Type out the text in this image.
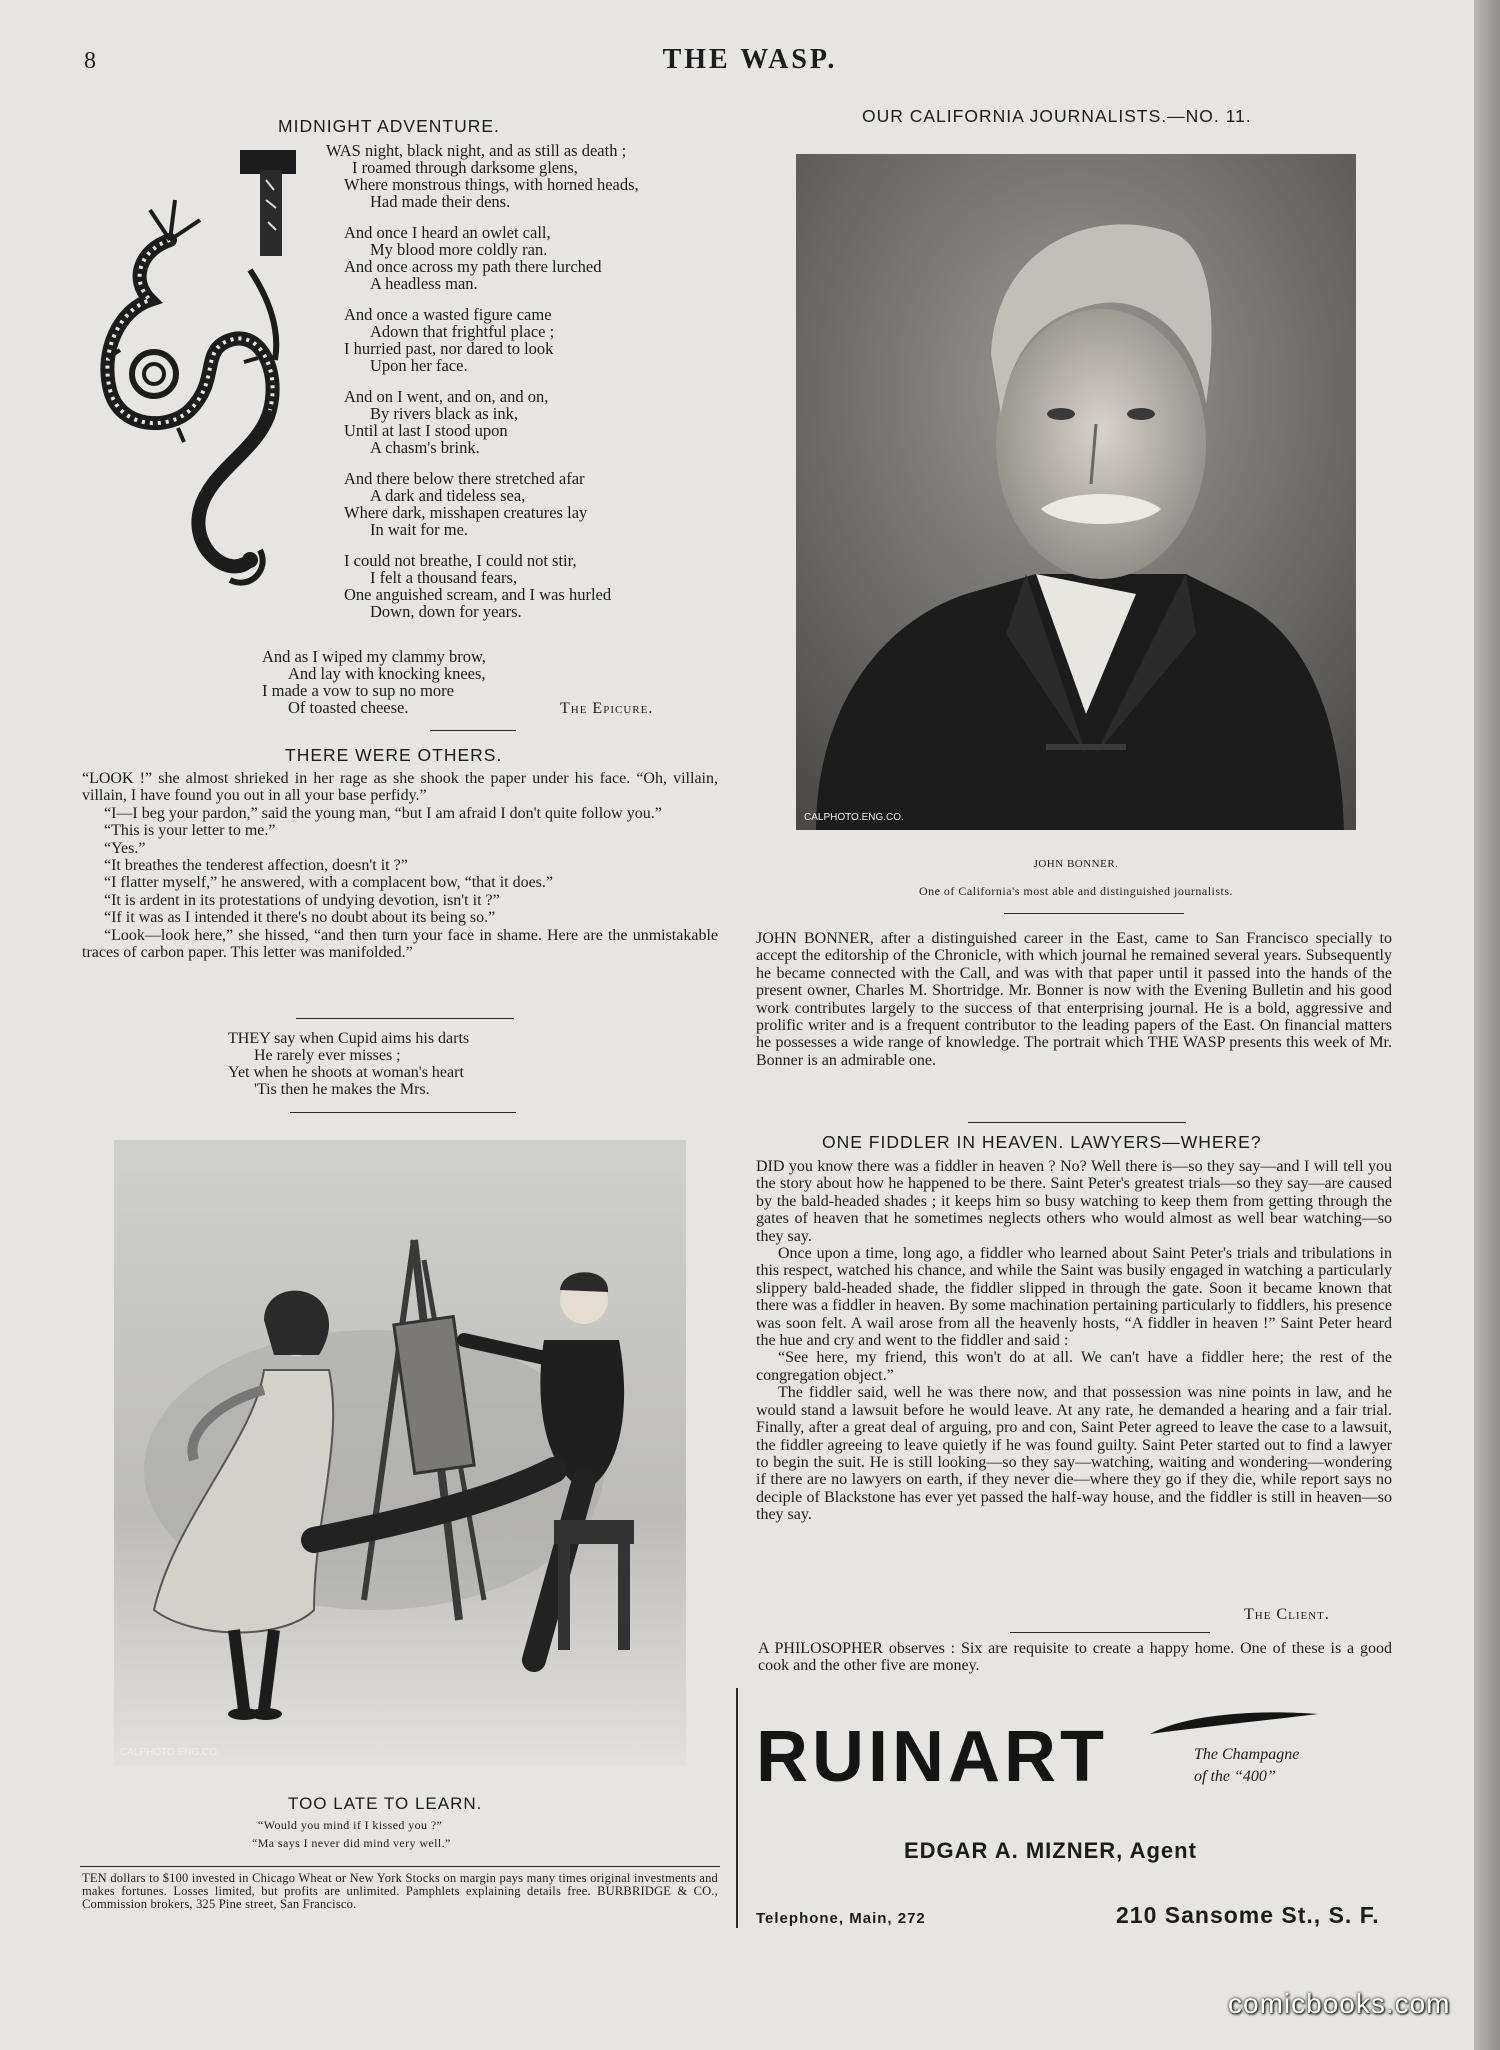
8	THE WASP.
MIDNIGHT ADVENTURE.
WAS night, black night, and as still as death ;
I roamed through darksome glens,
Where monstrous things, with horned heads,
Had made their dens.
And once I heard an owlet call,
My blood more coldly ran.
And once across my path there lurched
A headless man.
And once a wasted figure came
Adown that frightful place ;
I hurried past, nor dared to look
Upon her face.
And on I went, and on, and on,
By rivers black as ink,
Until at last I stood upon
A chasm's brink.
And there below there stretched afar
A dark and tideless sea,
Where dark, misshapen creatures lay
In wait for me.
I could not breathe, I could not stir,
I felt a thousand fears,
One anguished scream, and I was hurled
Down, down for years.
And as I wiped my clammy brow,
And lay with knocking knees,
I made a vow to sup no more
Of toasted cheese.	The Epicure.
THERE WERE OTHERS.

“LOOK !” she almost shrieked in her rage as she shook the paper under his face. “Oh, villain, villain, I have found you out in all your base perfidy.”

“I—I beg your pardon,” said the young man, “but I am afraid I don't quite follow you.”

“This is your letter to me.”

“Yes.”

“It breathes the tenderest affection, doesn't it ?”

“I flatter myself,” he answered, with a complacent bow, “that it does.”

“It is ardent in its protestations of undying devotion, isn't it ?”

“If it was as I intended it there's no doubt about its being so.”

“Look—look here,” she hissed, “and then turn your face in shame. Here are the unmistakable traces of carbon paper. This letter was manifolded.”

THEY say when Cupid aims his darts
He rarely ever misses ;
Yet when he shoots at woman's heart
'Tis then he makes the Mrs.
CALPHOTO.ENG.CO.
TOO LATE TO LEARN.
“Would you mind if I kissed you ?”
“Ma says I never did mind very well.”
TEN dollars to $100 invested in Chicago Wheat or New York Stocks on margin pays many times original investments and makes fortunes. Losses limited, but profits are unlimited. Pamphlets explaining details free. BURBRIDGE & CO., Commission brokers, 325 Pine street, San Francisco.
OUR CALIFORNIA JOURNALISTS.—NO. 11.
CALPHOTO.ENG.CO.
JOHN BONNER.
One of California's most able and distinguished journalists.
JOHN BONNER, after a distinguished career in the East, came to San Francisco specially to accept the editorship of the Chronicle, with which journal he remained several years. Subsequently he became connected with the Call, and was with that paper until it passed into the hands of the present owner, Charles M. Shortridge. Mr. Bonner is now with the Evening Bulletin and his good work contributes largely to the success of that enterprising journal. He is a bold, aggressive and prolific writer and is a frequent contributor to the leading papers of the East. On financial matters he possesses a wide range of knowledge. The portrait which THE WASP presents this week of Mr. Bonner is an admirable one.
ONE FIDDLER IN HEAVEN. LAWYERS—WHERE?

DID you know there was a fiddler in heaven ? No? Well there is—so they say—and I will tell you the story about how he happened to be there. Saint Peter's greatest trials—so they say—are caused by the bald-headed shades ; it keeps him so busy watching to keep them from getting through the gates of heaven that he sometimes neglects others who would almost as well bear watching—so they say.

Once upon a time, long ago, a fiddler who learned about Saint Peter's trials and tribulations in this respect, watched his chance, and while the Saint was busily engaged in watching a particularly slippery bald-headed shade, the fiddler slipped in through the gate. Soon it became known that there was a fiddler in heaven. By some machination pertaining particularly to fiddlers, his presence was soon felt. A wail arose from all the heavenly hosts, “A fiddler in heaven !” Saint Peter heard the hue and cry and went to the fiddler and said :

“See here, my friend, this won't do at all. We can't have a fiddler here; the rest of the congregation object.”

The fiddler said, well he was there now, and that possession was nine points in law, and he would stand a lawsuit before he would leave. At any rate, he demanded a hearing and a fair trial. Finally, after a great deal of arguing, pro and con, Saint Peter agreed to leave the case to a lawsuit, the fiddler agreeing to leave quietly if he was found guilty. Saint Peter started out to find a lawyer to begin the suit. He is still looking—so they say—watching, waiting and wondering—wondering if there are no lawyers on earth, if they never die—where they go if they die, while report says no deciple of Blackstone has ever yet passed the half-way house, and the fiddler is still in heaven—so they say.

The Client.
A PHILOSOPHER observes : Six are requisite to create a happy home. One of these is a good cook and the other five are money.
RUINART	The Champagne
of the “400”
EDGAR A. MIZNER, Agent
Telephone, Main, 272	210 Sansome St., S. F.
comicbooks.com
